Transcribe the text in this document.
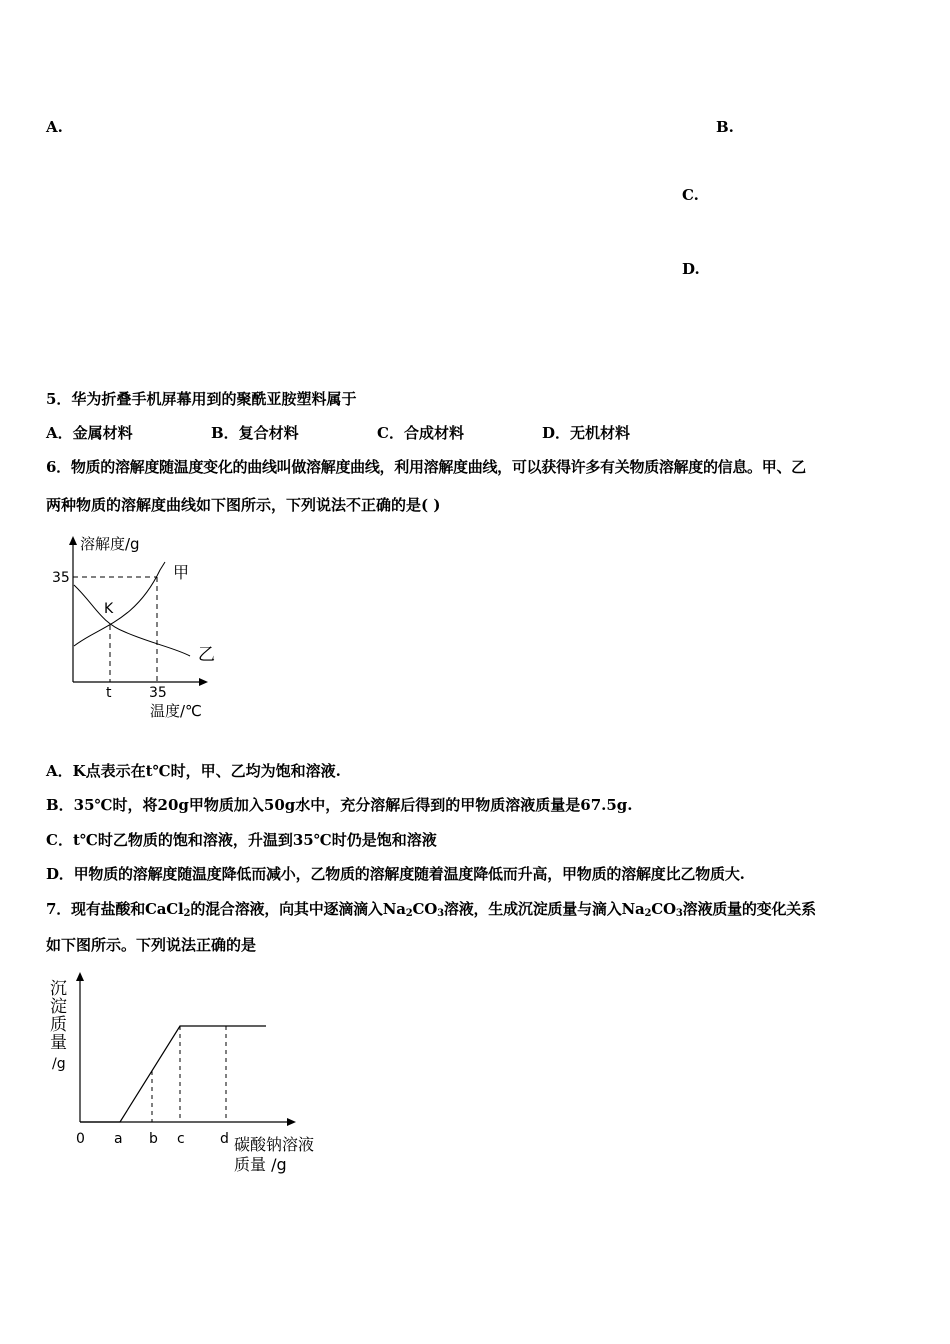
A.	B.
C.
D.
5．华为折叠手机屏幕用到的聚酰亚胺塑料属于
A．金属材料	B．复合材料	C．合成材料	D．无机材料
6．物质的溶解度随温度变化的曲线叫做溶解度曲线，利用溶解度曲线，可以获得许多有关物质溶解度的信息。甲、乙
两种物质的溶解度曲线如下图所示，下列说法不正确的是( )
溶解度/g
35	甲
K
乙
t	35
温度/℃
A．K点表示在t℃时，甲、乙均为饱和溶液.
B．35℃时，将20g甲物质加入50g水中，充分溶解后得到的甲物质溶液质量是67.5g.
C．t℃时乙物质的饱和溶液，升温到35℃时仍是饱和溶液
D．甲物质的溶解度随温度降低而减小，乙物质的溶解度随着温度降低而升高，甲物质的溶解度比乙物质大.
7．现有盐酸和CaCl$_2$的混合溶液，向其中逐滴滴入$Na_2CO_3$溶液，生成沉淀质量与滴入$Na_2CO_3$溶液质量的变化关系
如下图所示。下列说法正确的是
沉
淀
质
量
/g
0 a b c	d 碳酸钠溶液
质量 /g
